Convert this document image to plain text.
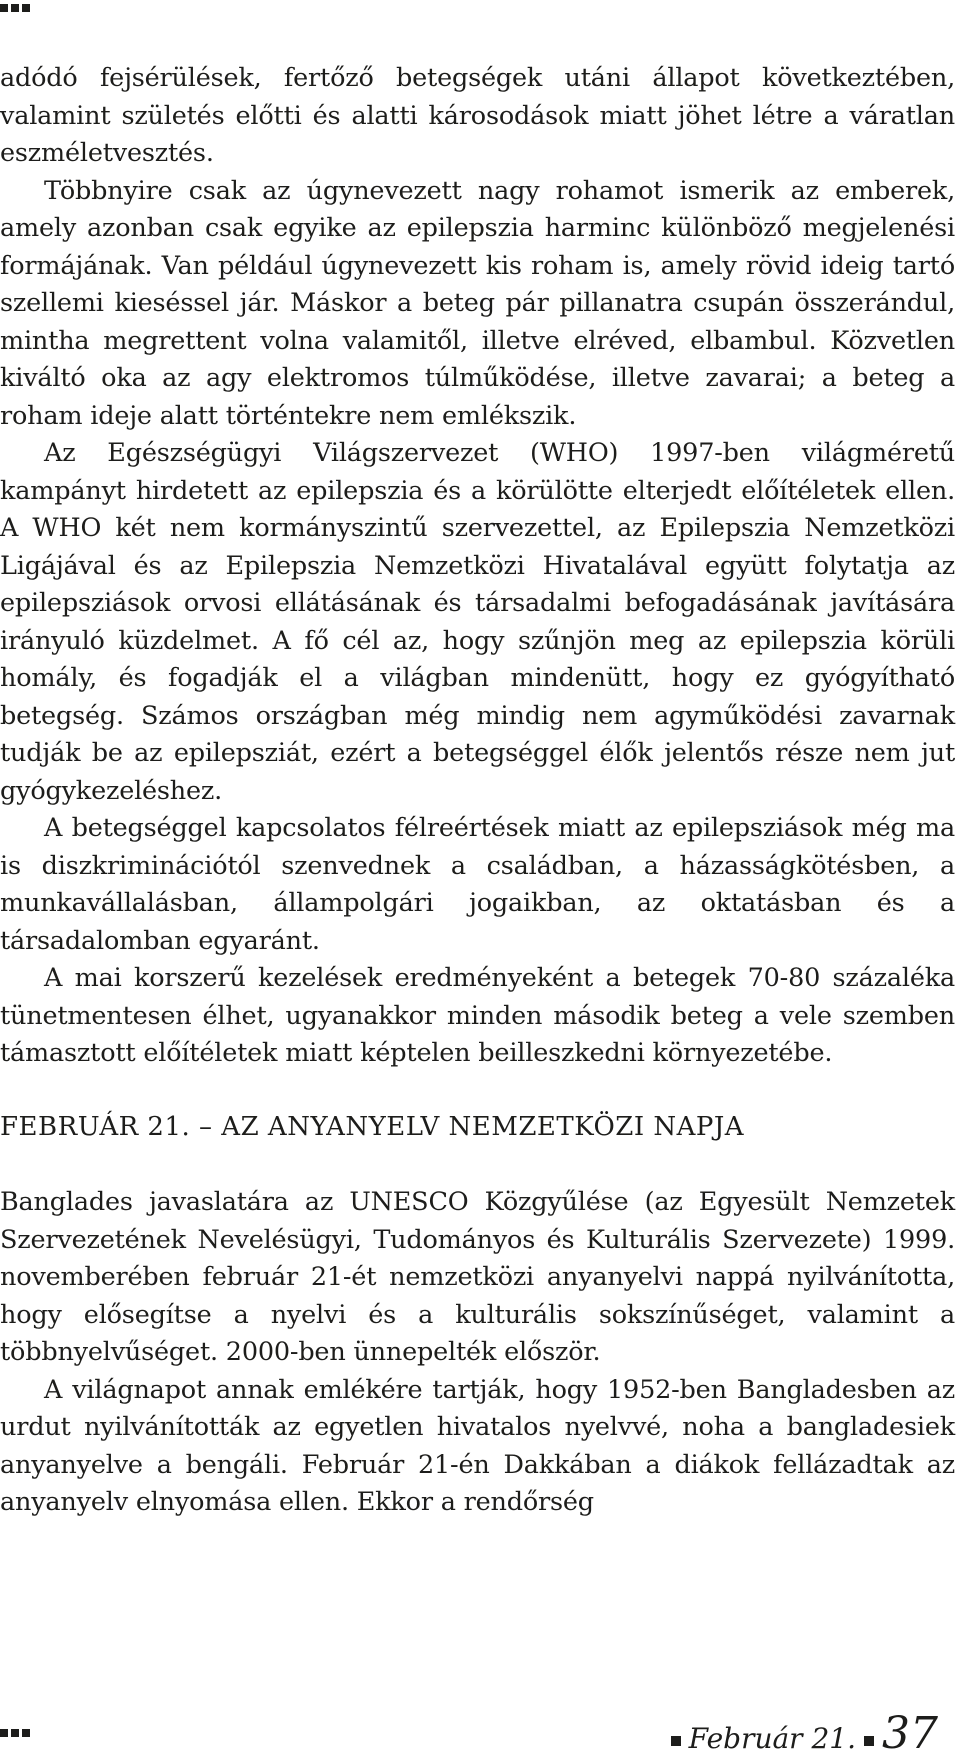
adódó fejsérülések, fertőző betegségek utáni állapot következtében, valamint születés előtti és alatti károsodások miatt jöhet létre a váratlan eszméletvesztés.

Többnyire csak az úgynevezett nagy rohamot ismerik az emberek, amely azonban csak egyike az epilepszia harminc különböző megjelenési formájának. Van például úgynevezett kis roham is, amely rövid ideig tartó szellemi kieséssel jár. Máskor a beteg pár pillanatra csupán összerándul, mintha megrettent volna valamitől, illetve elréved, elbambul. Közvetlen kiváltó oka az agy elektromos túlműködése, illetve zavarai; a beteg a roham ideje alatt történtekre nem emlékszik.

Az Egészségügyi Világszervezet (WHO) 1997-ben világméretű kampányt hirdetett az epilepszia és a körülötte elterjedt előítéletek ellen. A WHO két nem kormányszintű szervezettel, az Epilepszia Nemzetközi Ligájával és az Epilepszia Nemzetközi Hivatalával együtt folytatja az epilepsziások orvosi ellátásának és társadalmi befogadásának javítására irányuló küzdelmet. A fő cél az, hogy szűnjön meg az epilepszia körüli homály, és fogadják el a világban mindenütt, hogy ez gyógyítható betegség. Számos országban még mindig nem agyműködési zavarnak tudják be az epilepsziát, ezért a betegséggel élők jelentős része nem jut gyógykezeléshez.

A betegséggel kapcsolatos félreértések miatt az epilepsziások még ma is diszkriminációtól szenvednek a családban, a házasságkötésben, a munkavállalásban, állampolgári jogaikban, az oktatásban és a társadalomban egyaránt.

A mai korszerű kezelések eredményeként a betegek 70-80 százaléka tünetmentesen élhet, ugyanakkor minden második beteg a vele szemben támasztott előítéletek miatt képtelen beilleszkedni környezetébe.

FEBRUÁR 21. – AZ ANYANYELV NEMZETKÖZI NAPJA

Banglades javaslatára az UNESCO Közgyűlése (az Egyesült Nemzetek Szervezetének Nevelésügyi, Tudományos és Kulturális Szervezete) 1999. novemberében február 21-ét nemzetközi anyanyelvi nappá nyilvánította, hogy elősegítse a nyelvi és a kulturális sokszínűséget, valamint a többnyelvűséget. 2000-ben ünnepelték először.

A világnapot annak emlékére tartják, hogy 1952-ben Bangladesben az urdut nyilvánították az egyetlen hivatalos nyelvvé, noha a bangladesiek anyanyelve a bengáli. Február 21-én Dakkában a diákok fellázadtak az anyanyelv elnyomása ellen. Ekkor a rendőrség

Február 21. 37
